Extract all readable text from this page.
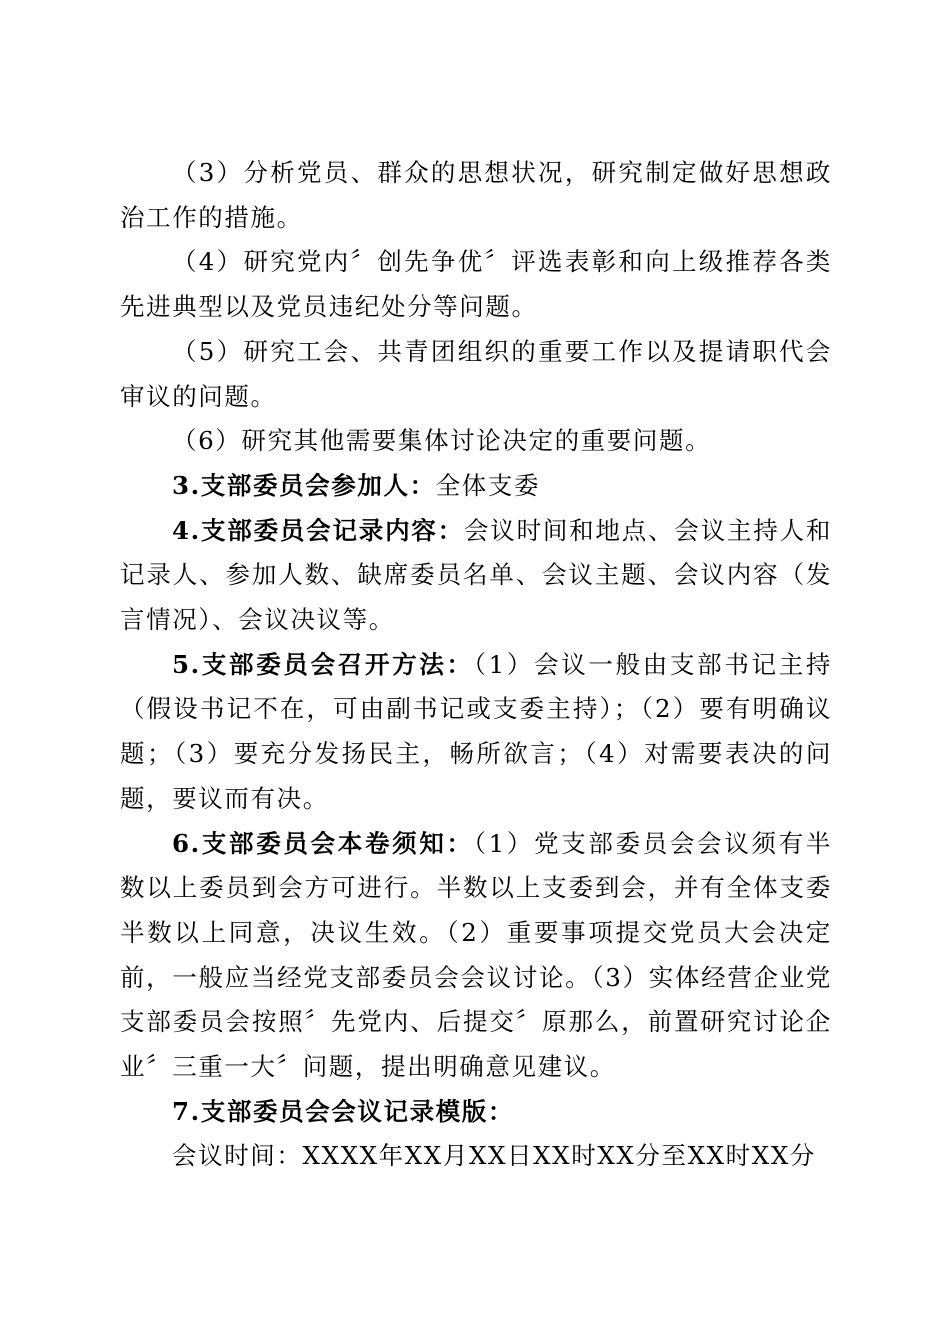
（3）分析党员、群众的思想状况，研究制定做好思想政治工作的措施。

（4）研究党内〞创先争优〞评选表彰和向上级推荐各类先进典型以及党员违纪处分等问题。

（5）研究工会、共青团组织的重要工作以及提请职代会审议的问题。

（6）研究其他需要集体讨论决定的重要问题。

3.支部委员会参加人：全体支委

4.支部委员会记录内容：会议时间和地点、会议主持人和记录人、参加人数、缺席委员名单、会议主题、会议内容（发言情况）、会议决议等。

5.支部委员会召开方法：（1）会议一般由支部书记主持（假设书记不在，可由副书记或支委主持）；（2）要有明确议题；（3）要充分发扬民主，畅所欲言；（4）对需要表决的问题，要议而有决。

6.支部委员会本卷须知：（1）党支部委员会会议须有半数以上委员到会方可进行。半数以上支委到会，并有全体支委半数以上同意，决议生效。（2）重要事项提交党员大会决定前，一般应当经党支部委员会会议讨论。（3）实体经营企业党支部委员会按照〞先党内、后提交〞原那么，前置研究讨论企业〞三重一大〞问题，提出明确意见建议。

7.支部委员会会议记录模版：

会议时间：XXXX年XX月XX日XX时XX分至XX时XX分
